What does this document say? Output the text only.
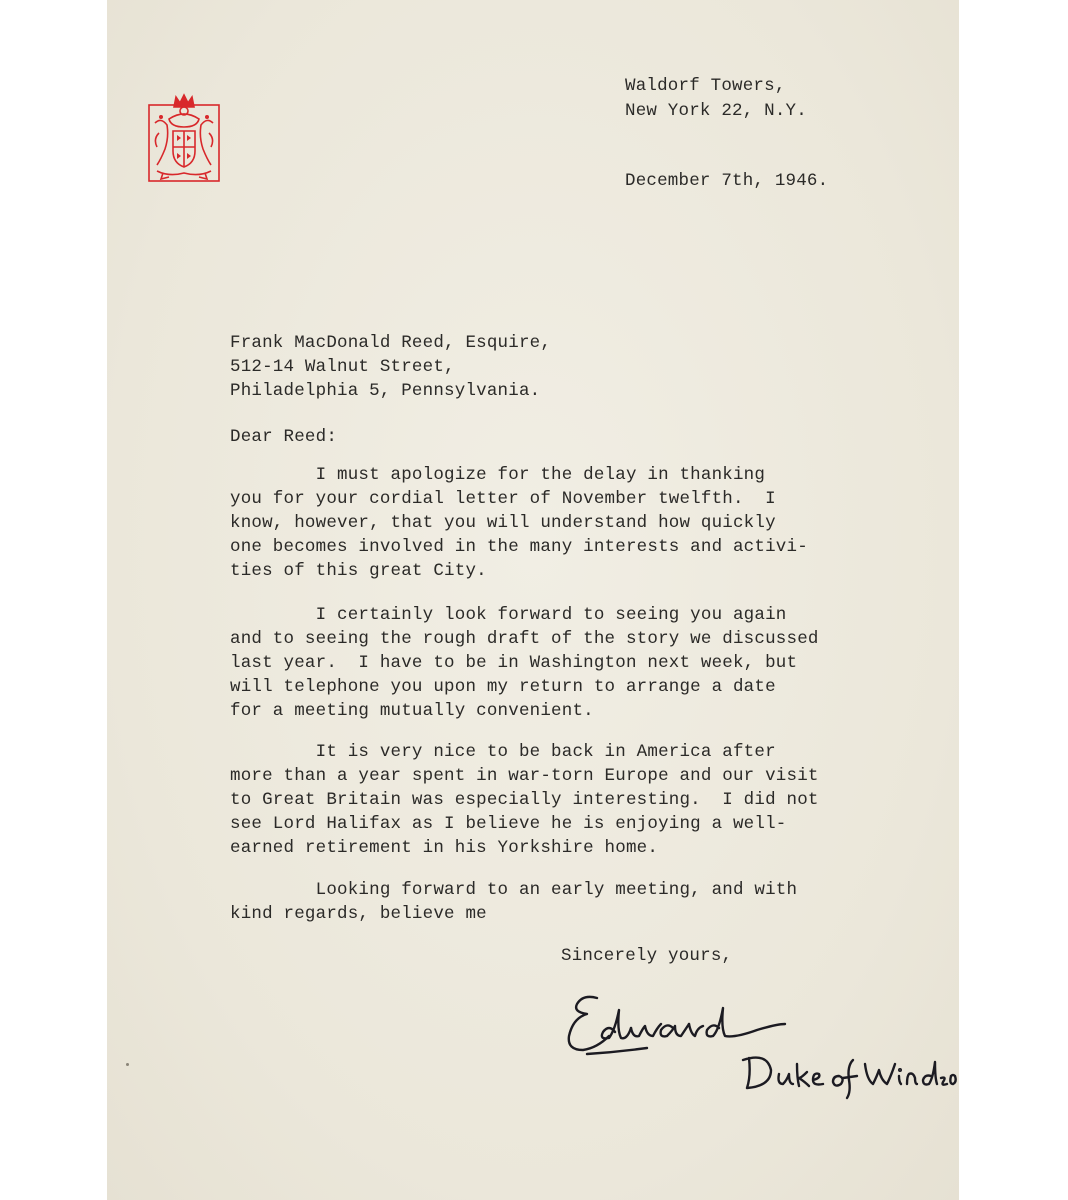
Waldorf Towers,
New York 22, N.Y.
December 7th, 1946.
Frank MacDonald Reed, Esquire,
512-14 Walnut Street,
Philadelphia 5, Pennsylvania.
Dear Reed:
I must apologize for the delay in thanking
you for your cordial letter of November twelfth.  I
know, however, that you will understand how quickly
one becomes involved in the many interests and activi-
ties of this great City.
I certainly look forward to seeing you again
and to seeing the rough draft of the story we discussed
last year.  I have to be in Washington next week, but
will telephone you upon my return to arrange a date
for a meeting mutually convenient.
It is very nice to be back in America after
more than a year spent in war-torn Europe and our visit
to Great Britain was especially interesting.  I did not
see Lord Halifax as I believe he is enjoying a well-
earned retirement in his Yorkshire home.
Looking forward to an early meeting, and with
kind regards, believe me
Sincerely yours,
